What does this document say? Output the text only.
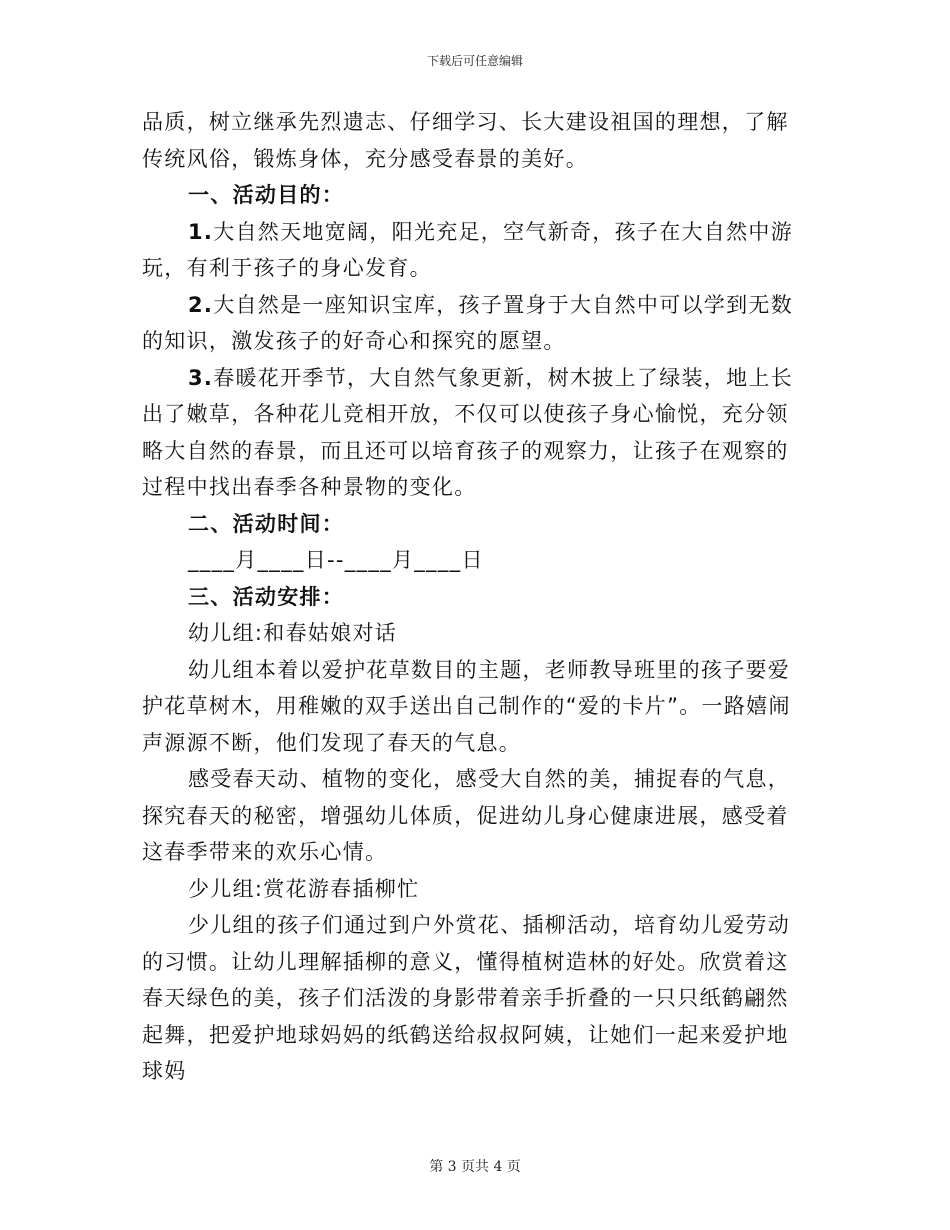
下载后可任意编辑

品质，树立继承先烈遗志、仔细学习、长大建设祖国的理想，了解传统风俗，锻炼身体，充分感受春景的美好。

一、活动目的：

1.大自然天地宽阔，阳光充足，空气新奇，孩子在大自然中游玩，有利于孩子的身心发育。

2.大自然是一座知识宝库，孩子置身于大自然中可以学到无数的知识，激发孩子的好奇心和探究的愿望。

3.春暖花开季节，大自然气象更新，树木披上了绿装，地上长出了嫩草，各种花儿竞相开放，不仅可以使孩子身心愉悦，充分领略大自然的春景，而且还可以培育孩子的观察力，让孩子在观察的过程中找出春季各种景物的变化。

二、活动时间：

____月____日--____月____日

三、活动安排：

幼儿组:和春姑娘对话

幼儿组本着以爱护花草数目的主题，老师教导班里的孩子要爱护花草树木，用稚嫩的双手送出自己制作的“爱的卡片”。一路嬉闹声源源不断，他们发现了春天的气息。

感受春天动、植物的变化，感受大自然的美，捕捉春的气息，探究春天的秘密，增强幼儿体质，促进幼儿身心健康进展，感受着这春季带来的欢乐心情。

少儿组:赏花游春插柳忙

少儿组的孩子们通过到户外赏花、插柳活动，培育幼儿爱劳动的习惯。让幼儿理解插柳的意义，懂得植树造林的好处。欣赏着这春天绿色的美，孩子们活泼的身影带着亲手折叠的一只只纸鹤翩然起舞，把爱护地球妈妈的纸鹤送给叔叔阿姨，让她们一起来爱护地球妈

第 3 页共 4 页
